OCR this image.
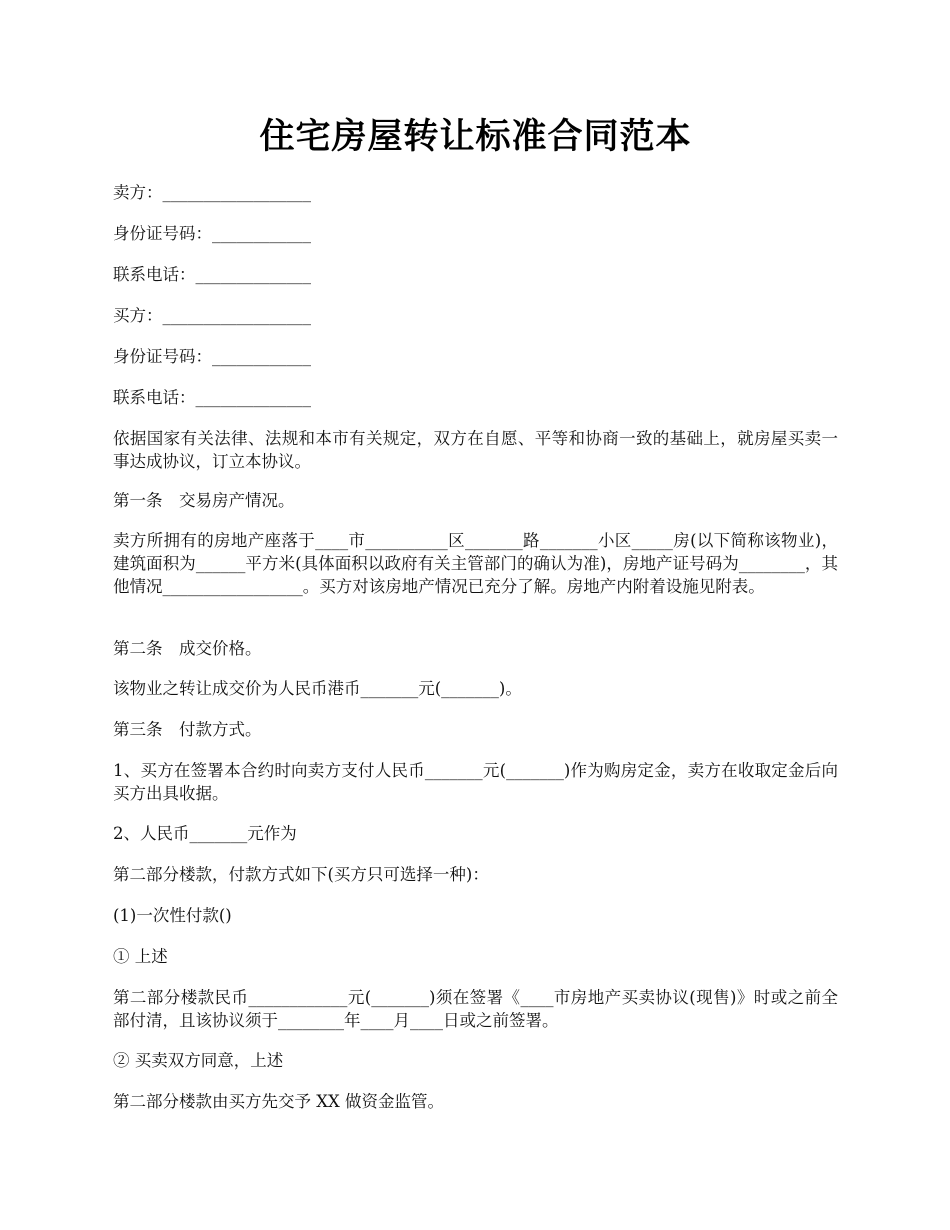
住宅房屋转让标准合同范本

卖方：__________________

身份证号码：____________

联系电话：______________

买方：__________________

身份证号码：____________

联系电话：______________

依据国家有关法律、法规和本市有关规定，双方在自愿、平等和协商一致的基础上，就房屋买卖一事达成协议，订立本协议。

第一条　交易房产情况。

卖方所拥有的房地产座落于____市__________区_______路_______小区_____房(以下简称该物业)，建筑面积为______平方米(具体面积以政府有关主管部门的确认为准)，房地产证号码为________，其他情况_________________。买方对该房地产情况已充分了解。房地产内附着设施见附表。

第二条　成交价格。

该物业之转让成交价为人民币港币_______元(_______)。

第三条　付款方式。

1、买方在签署本合约时向卖方支付人民币_______元(_______)作为购房定金，卖方在收取定金后向买方出具收据。

2、人民币_______元作为

第二部分楼款，付款方式如下(买方只可选择一种)：

(1)一次性付款()

① 上述

第二部分楼款民币____________元(_______)须在签署《____市房地产买卖协议(现售)》时或之前全部付清，且该协议须于________年____月____日或之前签署。

② 买卖双方同意，上述

第二部分楼款由买方先交予 XX 做资金监管。
